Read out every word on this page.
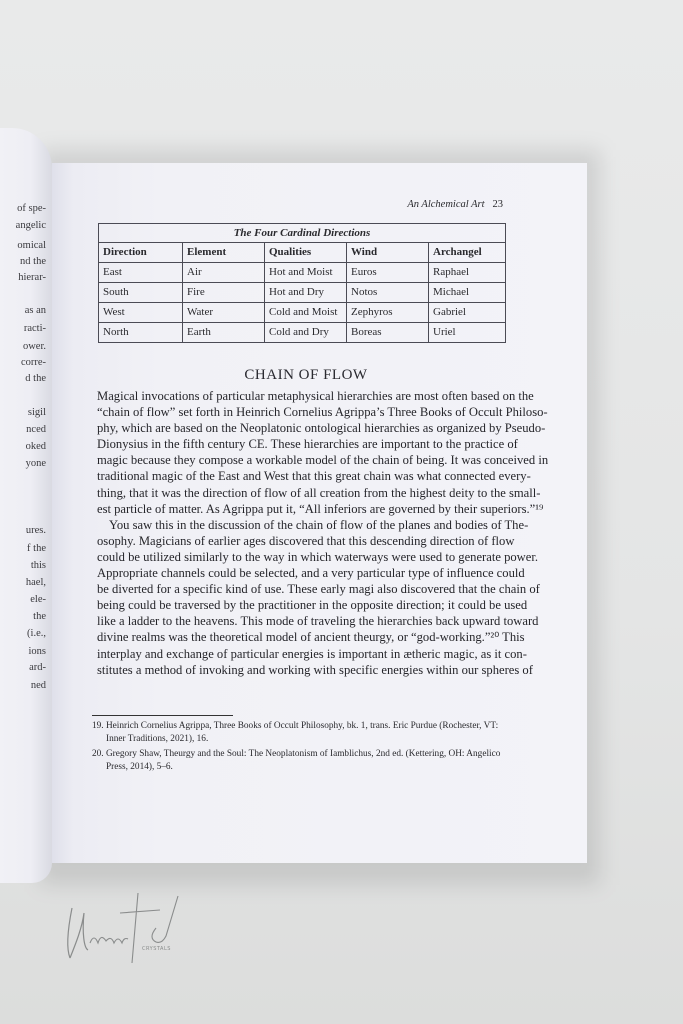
of spe-
angelic
omical
nd the
hierar-
as an
racti-
ower.
corre-
d the
sigil
nced
oked
yone
ures.
f the
this
hael,
ele-
the
(i.e.,
ions
ard-
ned
An Alchemical Art 23
The Four Cardinal Directions				
Direction	Element	Qualities	Wind	Archangel
East	Air	Hot and Moist	Euros	Raphael
South	Fire	Hot and Dry	Notos	Michael
West	Water	Cold and Moist	Zephyros	Gabriel
North	Earth	Cold and Dry	Boreas	Uriel
CHAIN OF FLOW
Magical invocations of particular metaphysical hierarchies are most often based on the
“chain of flow” set forth in Heinrich Cornelius Agrippa’s Three Books of Occult Philoso-
phy, which are based on the Neoplatonic ontological hierarchies as organized by Pseudo-
Dionysius in the fifth century CE. These hierarchies are important to the practice of
magic because they compose a workable model of the chain of being. It was conceived in
traditional magic of the East and West that this great chain was what connected every-
thing, that it was the direction of flow of all creation from the highest deity to the small-
est particle of matter. As Agrippa put it, “All inferiors are governed by their superiors.”¹⁹
You saw this in the discussion of the chain of flow of the planes and bodies of The-
osophy. Magicians of earlier ages discovered that this descending direction of flow
could be utilized similarly to the way in which waterways were used to generate power.
Appropriate channels could be selected, and a very particular type of influence could
be diverted for a specific kind of use. These early magi also discovered that the chain of
being could be traversed by the practitioner in the opposite direction; it could be used
like a ladder to the heavens. This mode of traveling the hierarchies back upward toward
divine realms was the theoretical model of ancient theurgy, or “god-working.”²⁰ This
interplay and exchange of particular energies is important in ætheric magic, as it con-
stitutes a method of invoking and working with specific energies within our spheres of
19. Heinrich Cornelius Agrippa, Three Books of Occult Philosophy, bk. 1, trans. Eric Purdue (Rochester, VT:
Inner Traditions, 2021), 16.
20. Gregory Shaw, Theurgy and the Soul: The Neoplatonism of Iamblichus, 2nd ed. (Kettering, OH: Angelico
Press, 2014), 5–6.
CRYSTALS
